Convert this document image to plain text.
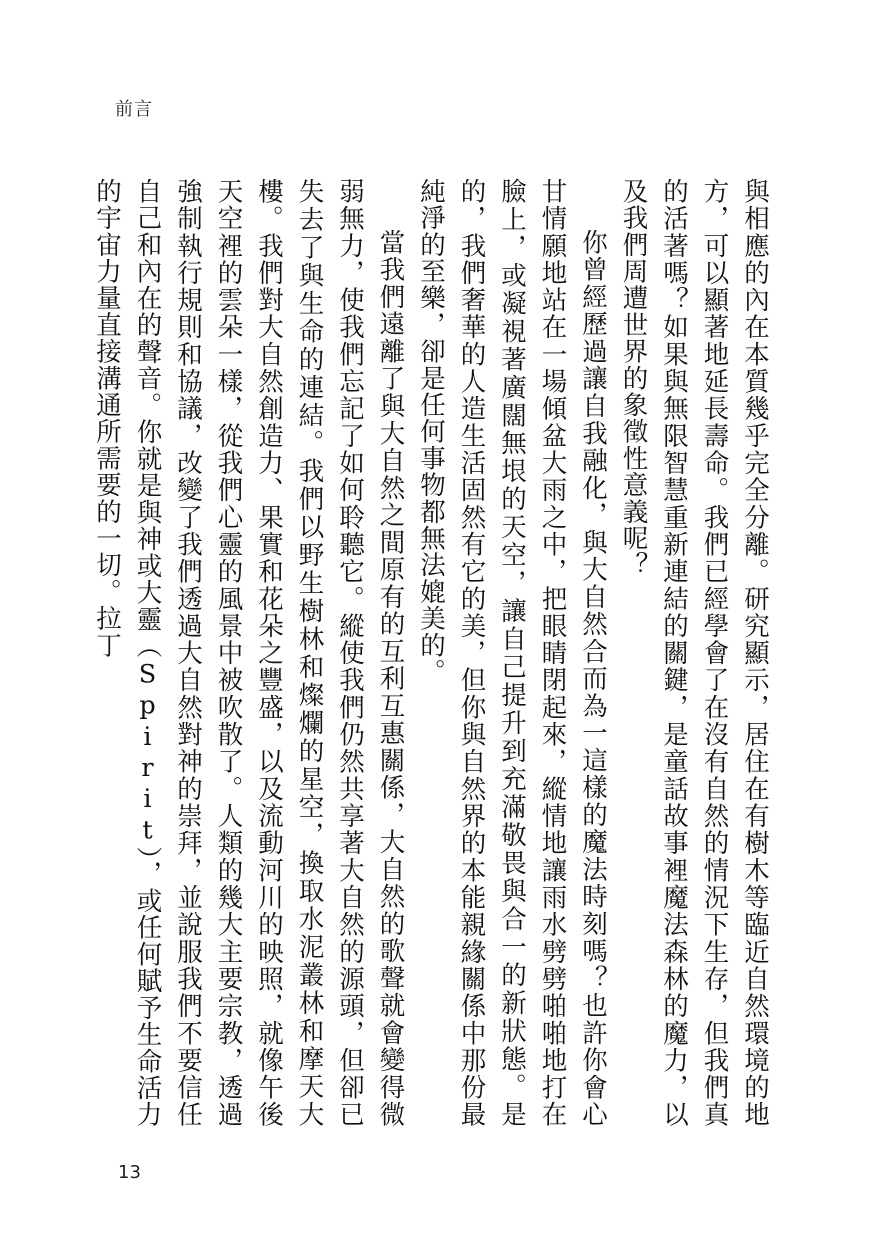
前言

與相應的內在本質幾乎完全分離。研究顯示，居住在有樹木等臨近自然環境的地方，可以顯著地延長壽命。我們已經學會了在沒有自然的情況下生存，但我們真的活著嗎？如果與無限智慧重新連結的關鍵，是童話故事裡魔法森林的魔力，以及我們周遭世界的象徵性意義呢？

你曾經歷過讓自我融化，與大自然合而為一這樣的魔法時刻嗎？也許你會心甘情願地站在一場傾盆大雨之中，把眼睛閉起來，縱情地讓雨水劈劈啪啪地打在臉上，或凝視著廣闊無垠的天空，讓自己提升到充滿敬畏與合一的新狀態。是的，我們奢華的人造生活固然有它的美，但你與自然界的本能親緣關係中那份最純淨的至樂，卻是任何事物都無法媲美的。

當我們遠離了與大自然之間原有的互利互惠關係，大自然的歌聲就會變得微弱無力，使我們忘記了如何聆聽它。縱使我們仍然共享著大自然的源頭，但卻已失去了與生命的連結。我們以野生樹林和燦爛的星空，換取水泥叢林和摩天大樓。我們對大自然創造力、果實和花朵之豐盛，以及流動河川的映照，就像午後天空裡的雲朵一樣，從我們心靈的風景中被吹散了。人類的幾大主要宗教，透過強制執行規則和協議，改變了我們透過大自然對神的崇拜，並說服我們不要信任自己和內在的聲音。你就是與神或大靈（Spirit），或任何賦予生命活力的宇宙力量直接溝通所需要的一切。拉丁

13
